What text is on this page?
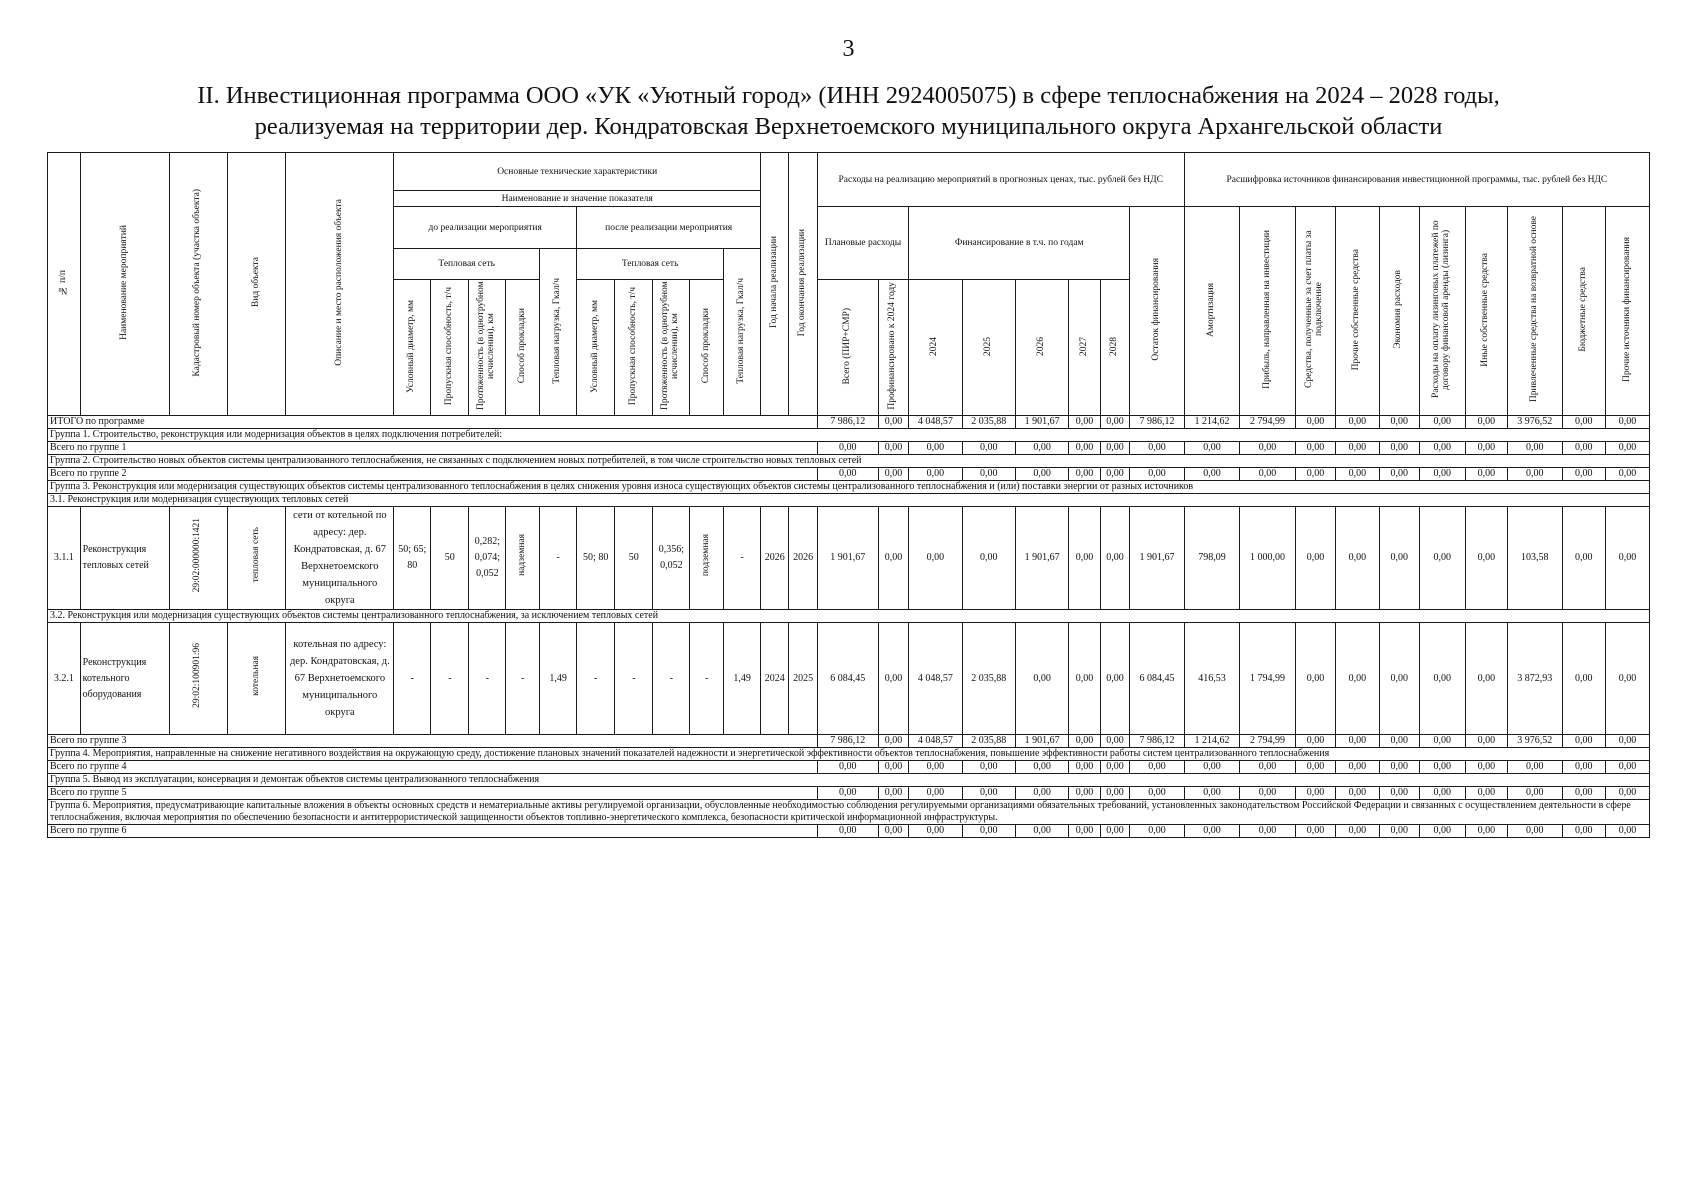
3
II. Инвестиционная программа ООО «УК «Уютный город» (ИНН 2924005075) в сфере теплоснабжения на 2024 – 2028 годы,
реализуемая на территории дер. Кондратовская Верхнетоемского муниципального округа Архангельской области
№ п/п	Наименование мероприятий	Кадастровый номер объекта (участка объекта)	Вид объекта	Описание и место расположения объекта	Основные технические характеристики										Год начала реализации	Год окончания реализации	Расходы на реализацию мероприятий в прогнозных ценах, тыс. рублей без НДС								Расшифровка источников финансирования инвестиционной программы, тыс. рублей без НДС									
					Наименование и значение показателя																													
					до реализации мероприятия					после реализации мероприятия							Плановые расходы		Финансирование в т.ч. по годам					Остаток финансирования	Амортизация	Прибыль, направленная на инвестиции	Средства, полученные за счет платы за подключение	Прочие собственные средства	Экономия расходов	Расходы на оплату лизинговых платежей по договору финансовой аренды (лизинга)	Иные собственные средства	Привлеченные средства на возвратной основе	Бюджетные средства	Прочие источники финансирования
					Тепловая сеть				Тепловая нагрузка, Гкал/ч	Тепловая сеть				Тепловая нагрузка, Гкал/ч																				
					Условный диаметр, мм	Пропускная способность, т/ч	Протяженность (в однотрубном исчислении), км	Способ прокладки		Условный диаметр, мм	Пропускная способность, т/ч	Протяженность (в однотрубном исчислении), км	Способ прокладки				Всего (ПИР+СМР)	Профинансировано к 2024 году	2024	2025	2026	2027	2028											
ИТОГО по программе																	7 986,12	0,00	4 048,57	2 035,88	1 901,67	0,00	0,00	7 986,12	1 214,62	2 794,99	0,00	0,00	0,00	0,00	0,00	3 976,52	0,00	0,00
Группа 1. Строительство, реконструкция или модернизация объектов в целях подключения потребителей:																																		
Всего по группе 1																	0,00	0,00	0,00	0,00	0,00	0,00	0,00	0,00	0,00	0,00	0,00	0,00	0,00	0,00	0,00	0,00	0,00	0,00
Группа 2. Строительство новых объектов системы централизованного теплоснабжения, не связанных с подключением новых потребителей, в том числе строительство новых тепловых сетей																																		
Всего по группе 2																	0,00	0,00	0,00	0,00	0,00	0,00	0,00	0,00	0,00	0,00	0,00	0,00	0,00	0,00	0,00	0,00	0,00	0,00
Группа 3. Реконструкция или модернизация существующих объектов системы централизованного теплоснабжения в целях снижения уровня износа существующих объектов системы централизованного теплоснабжения и (или) поставки энергии от разных источников																																		
3.1. Реконструкция или модернизация существующих тепловых сетей																																		
3.1.1	Реконструкция тепловых сетей	29:02:000000:1421	тепловая сеть	сети от котельной по адресу: дер. Кондратовская, д. 67 Верхнетоемского муниципального округа	50; 65; 80	50	0,282; 0,074; 0,052	надземная	-	50; 80	50	0,356; 0,052	подземная	-	2026	2026	1 901,67	0,00	0,00	0,00	1 901,67	0,00	0,00	1 901,67	798,09	1 000,00	0,00	0,00	0,00	0,00	0,00	103,58	0,00	0,00
3.2. Реконструкция или модернизация существующих объектов системы централизованного теплоснабжения, за исключением тепловых сетей																																		
3.2.1	Реконструкция котельного оборудования	29:02:100901:96	котельная	котельная по адресу: дер. Кондратовская, д. 67 Верхнетоемского муниципального округа	-	-	-	-	1,49	-	-	-	-	1,49	2024	2025	6 084,45	0,00	4 048,57	2 035,88	0,00	0,00	0,00	6 084,45	416,53	1 794,99	0,00	0,00	0,00	0,00	0,00	3 872,93	0,00	0,00
Всего по группе 3																	7 986,12	0,00	4 048,57	2 035,88	1 901,67	0,00	0,00	7 986,12	1 214,62	2 794,99	0,00	0,00	0,00	0,00	0,00	3 976,52	0,00	0,00
Группа 4. Мероприятия, направленные на снижение негативного воздействия на окружающую среду, достижение плановых значений показателей надежности и энергетической эффективности объектов теплоснабжения, повышение эффективности работы систем централизованного теплоснабжения																																		
Всего по группе 4																	0,00	0,00	0,00	0,00	0,00	0,00	0,00	0,00	0,00	0,00	0,00	0,00	0,00	0,00	0,00	0,00	0,00	0,00
Группа 5. Вывод из эксплуатации, консервация и демонтаж объектов системы централизованного теплоснабжения																																		
Всего по группе 5																	0,00	0,00	0,00	0,00	0,00	0,00	0,00	0,00	0,00	0,00	0,00	0,00	0,00	0,00	0,00	0,00	0,00	0,00
Группа 6. Мероприятия, предусматривающие капитальные вложения в объекты основных средств и нематериальные активы регулируемой организации, обусловленные необходимостью соблюдения регулируемыми организациями обязательных требований, установленных законодательством Российской Федерации и связанных с осуществлением деятельности в сфере теплоснабжения, включая мероприятия по обеспечению безопасности и антитеррористической защищенности объектов топливно-энергетического комплекса, безопасности критической информационной инфраструктуры.																																		
Всего по группе 6																	0,00	0,00	0,00	0,00	0,00	0,00	0,00	0,00	0,00	0,00	0,00	0,00	0,00	0,00	0,00	0,00	0,00	0,00
